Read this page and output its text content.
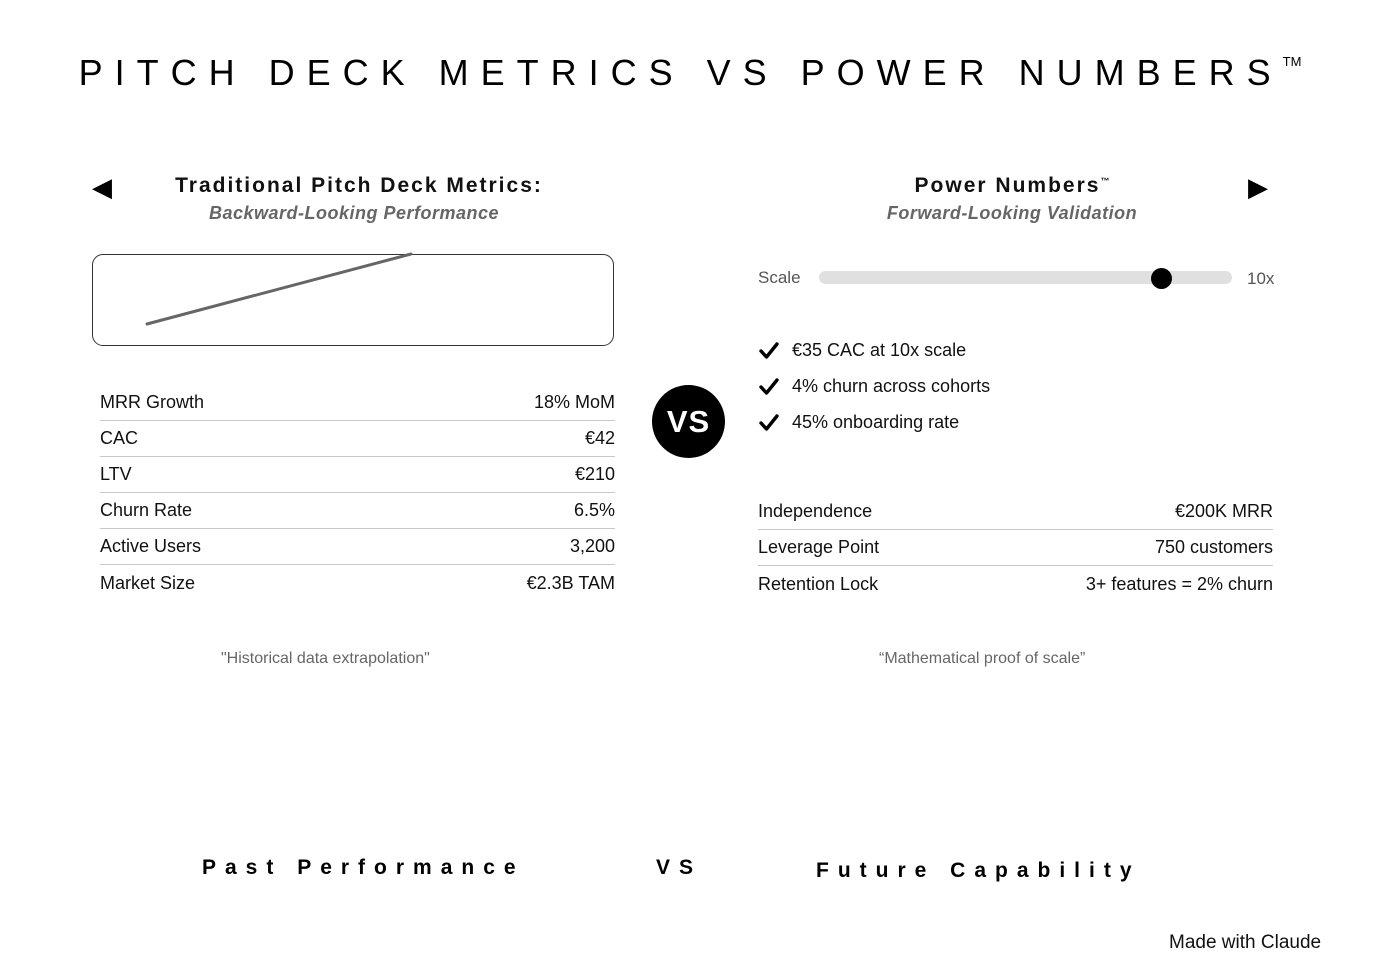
PITCH DECK METRICS VS POWER NUMBERS™
◀	Traditional Pitch Deck Metrics:
Backward-Looking Performance
MRR Growth	18% MoM
CAC	€42
LTV	€210
Churn Rate	6.5%
Active Users	3,200
Market Size	€2.3B TAM
"Historical data extrapolation"
VS
Power Numbers™	▶
Forward-Looking Validation
Scale	10x
€35 CAC at 10x scale
4% churn across cohorts
45% onboarding rate
Independence	€200K MRR
Leverage Point	750 customers
Retention Lock	3+ features = 2% churn
“Mathematical proof of scale”
Past Performance	VS	Future Capability
Made with Claude
